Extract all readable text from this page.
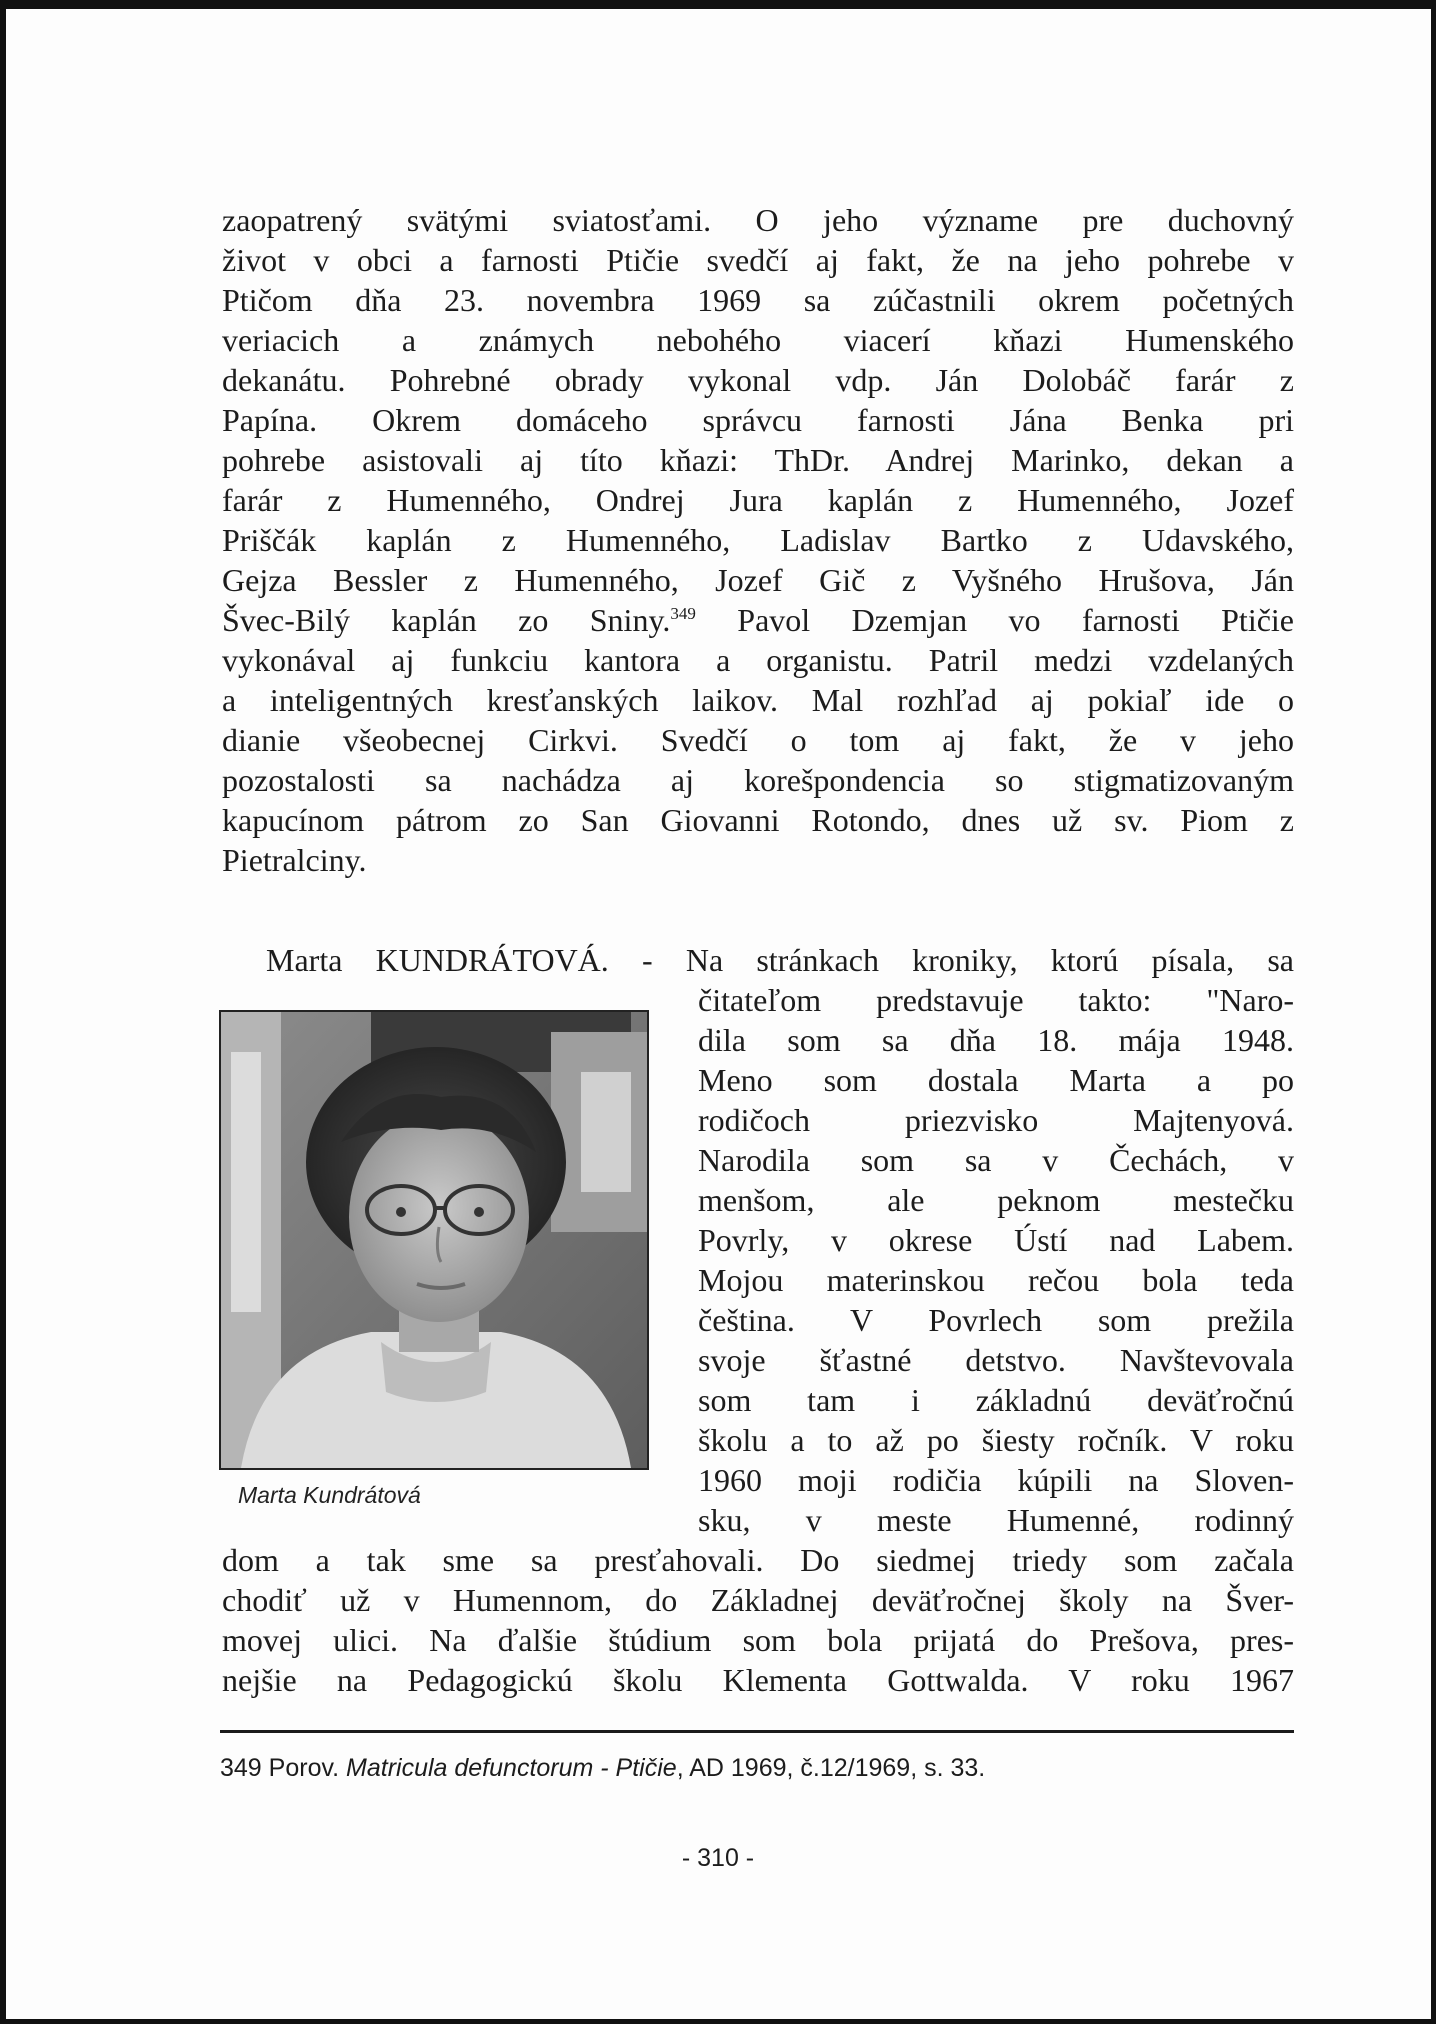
zaopatrený svätými sviatosťami. O jeho význame pre duchovný
život v obci a farnosti Ptičie svedčí aj fakt, že na jeho pohrebe v
Ptičom dňa 23. novembra 1969 sa zúčastnili okrem početných
veriacich a známych nebohého viacerí kňazi Humenského
dekanátu. Pohrebné obrady vykonal vdp. Ján Dolobáč farár z
Papína. Okrem domáceho správcu farnosti Jána Benka pri
pohrebe asistovali aj títo kňazi: ThDr. Andrej Marinko, dekan a
farár z Humenného, Ondrej Jura kaplán z Humenného, Jozef
Priščák kaplán z Humenného, Ladislav Bartko z Udavského,
Gejza Bessler z Humenného, Jozef Gič z Vyšného Hrušova, Ján
Švec-Bilý kaplán zo Sniny.$^{349}$ Pavol Dzemjan vo farnosti Ptičie
vykonával aj funkciu kantora a organistu. Patril medzi vzdelaných
a inteligentných kresťanských laikov. Mal rozhľad aj pokiaľ ide o
dianie všeobecnej Cirkvi. Svedčí o tom aj fakt, že v jeho
pozostalosti sa nachádza aj korešpondencia so stigmatizovaným
kapucínom pátrom zo San Giovanni Rotondo, dnes už sv. Piom z
Pietralciny.
Marta KUNDRÁTOVÁ. - Na stránkach kroniky, ktorú písala, sa
čitateľom predstavuje takto: "Naro-
dila som sa dňa 18. mája 1948.
Meno som dostala Marta a po
rodičoch priezvisko Majtenyová.
Narodila som sa v Čechách, v
menšom, ale peknom mestečku
Povrly, v okrese Ústí nad Labem.
Mojou materinskou rečou bola teda
čeština. V Povrlech som prežila
svoje šťastné detstvo. Navštevovala
som tam i základnú deväťročnú
školu a to až po šiesty ročník. V roku
1960 moji rodičia kúpili na Sloven-
sku, v meste Humenné, rodinný
dom a tak sme sa presťahovali. Do siedmej triedy som začala
chodiť už v Humennom, do Základnej deväťročnej školy na Šver-
movej ulici. Na ďalšie štúdium som bola prijatá do Prešova, pres-
nejšie na Pedagogickú školu Klementa Gottwalda. V roku 1967
Marta Kundrátová
349 Porov. Matricula defunctorum - Ptičie, AD 1969, č.12/1969, s. 33.
- 310 -
